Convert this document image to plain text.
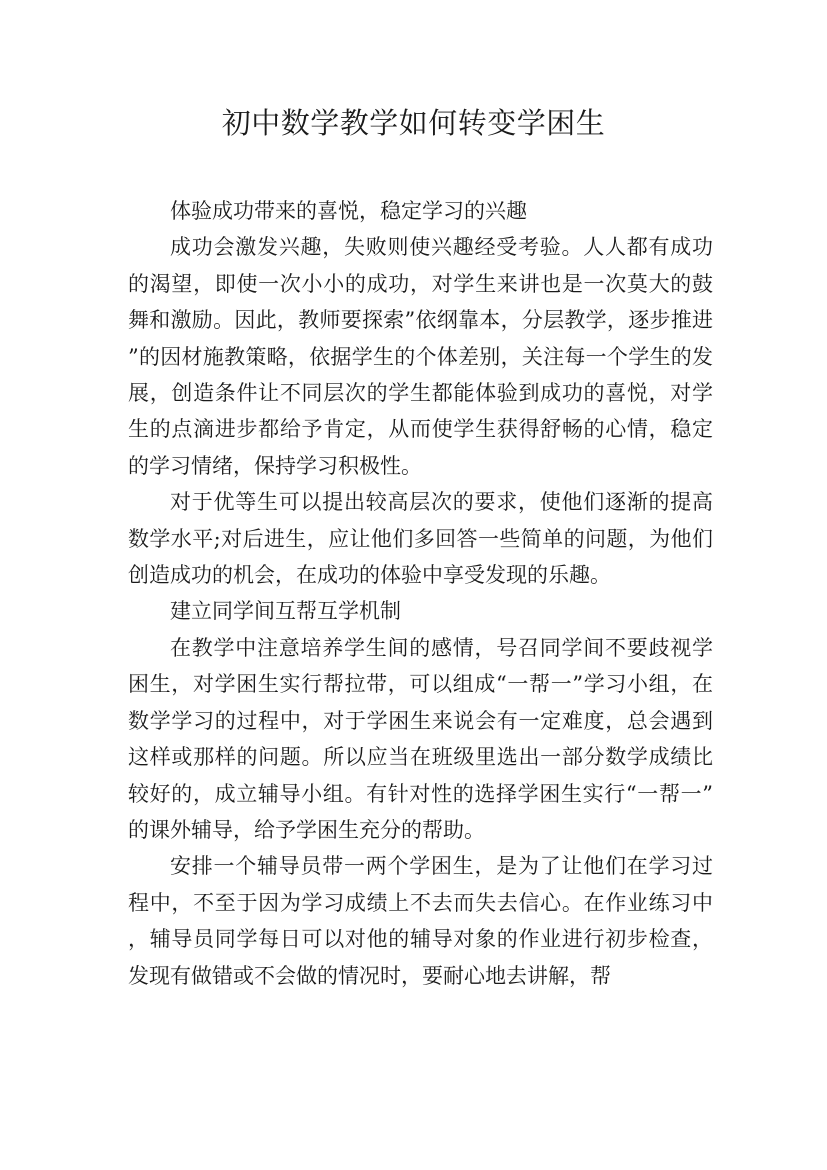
初中数学教学如何转变学困生

体验成功带来的喜悦，稳定学习的兴趣

成功会激发兴趣，失败则使兴趣经受考验。人人都有成功的渴望，即使一次小小的成功，对学生来讲也是一次莫大的鼓舞和激励。因此，教师要探索”依纲靠本，分层教学，逐步推进”的因材施教策略，依据学生的个体差别，关注每一个学生的发展，创造条件让不同层次的学生都能体验到成功的喜悦，对学生的点滴进步都给予肯定，从而使学生获得舒畅的心情，稳定的学习情绪，保持学习积极性。

对于优等生可以提出较高层次的要求，使他们逐渐的提高数学水平;对后进生，应让他们多回答一些简单的问题，为他们创造成功的机会，在成功的体验中享受发现的乐趣。

建立同学间互帮互学机制

在教学中注意培养学生间的感情，号召同学间不要歧视学困生，对学困生实行帮拉带，可以组成“一帮一”学习小组，在数学学习的过程中，对于学困生来说会有一定难度，总会遇到这样或那样的问题。所以应当在班级里选出一部分数学成绩比较好的，成立辅导小组。有针对性的选择学困生实行“一帮一”的课外辅导，给予学困生充分的帮助。

安排一个辅导员带一两个学困生，是为了让他们在学习过程中，不至于因为学习成绩上不去而失去信心。在作业练习中，辅导员同学每日可以对他的辅导对象的作业进行初步检查，发现有做错或不会做的情况时，要耐心地去讲解，帮
